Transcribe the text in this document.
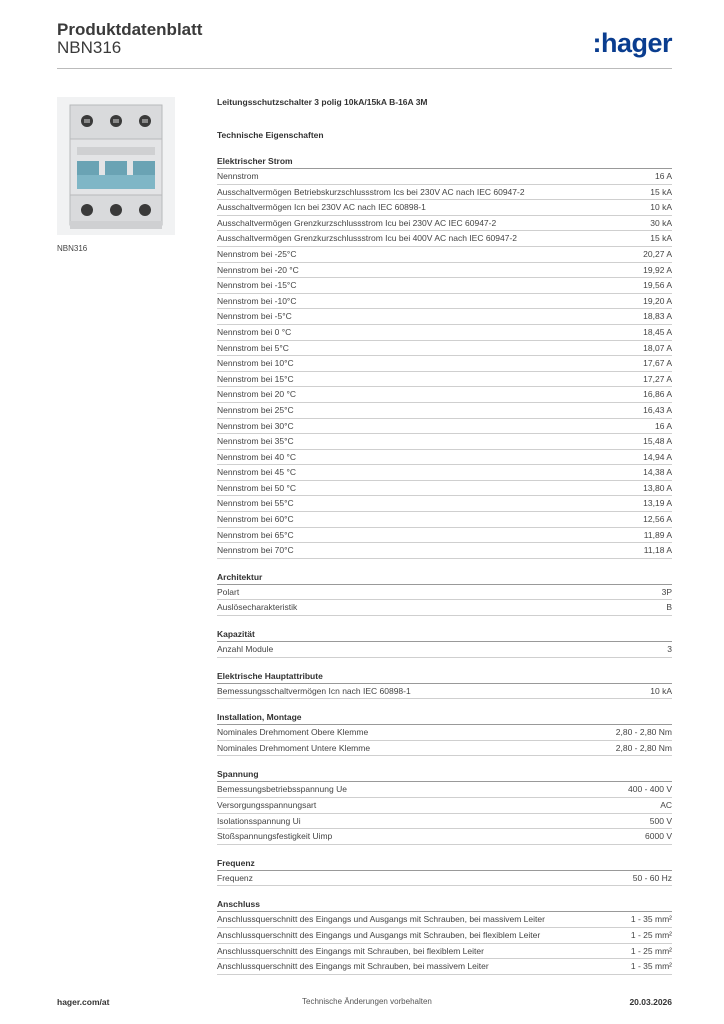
Produktdatenblatt
NBN316	:hager
NBN316
Leitungsschutzschalter 3 polig 10kA/15kA B-16A 3M
Technische Eigenschaften
Elektrischer Strom
Nennstrom	16 A
Ausschaltvermögen Betriebskurzschlussstrom Ics bei 230V AC nach IEC 60947-2	15 kA
Ausschaltvermögen Icn bei 230V AC nach IEC 60898-1	10 kA
Ausschaltvermögen Grenzkurzschlussstrom Icu bei 230V AC IEC 60947-2	30 kA
Ausschaltvermögen Grenzkurzschlussstrom Icu bei 400V AC nach IEC 60947-2	15 kA
Nennstrom bei -25°C	20,27 A
Nennstrom bei -20 °C	19,92 A
Nennstrom bei -15°C	19,56 A
Nennstrom bei -10°C	19,20 A
Nennstrom bei -5°C	18,83 A
Nennstrom bei 0 °C	18,45 A
Nennstrom bei 5°C	18,07 A
Nennstrom bei 10°C	17,67 A
Nennstrom bei 15°C	17,27 A
Nennstrom bei 20 °C	16,86 A
Nennstrom bei 25°C	16,43 A
Nennstrom bei 30°C	16 A
Nennstrom bei 35°C	15,48 A
Nennstrom bei 40 °C	14,94 A
Nennstrom bei 45 °C	14,38 A
Nennstrom bei 50 °C	13,80 A
Nennstrom bei 55°C	13,19 A
Nennstrom bei 60°C	12,56 A
Nennstrom bei 65°C	11,89 A
Nennstrom bei 70°C	11,18 A
Architektur
Polart	3P
Auslösecharakteristik	B
Kapazität
Anzahl Module	3
Elektrische Hauptattribute
Bemessungsschaltvermögen Icn nach IEC 60898-1	10 kA
Installation, Montage
Nominales Drehmoment Obere Klemme	2,80 - 2,80 Nm
Nominales Drehmoment Untere Klemme	2,80 - 2,80 Nm
Spannung
Bemessungsbetriebsspannung Ue	400 - 400 V
Versorgungsspannungsart	AC
Isolationsspannung Ui	500 V
Stoßspannungsfestigkeit Uimp	6000 V
Frequenz
Frequenz	50 - 60 Hz
Anschluss
Anschlussquerschnitt des Eingangs und Ausgangs mit Schrauben, bei massivem Leiter	1 - 35 mm²
Anschlussquerschnitt des Eingangs und Ausgangs mit Schrauben, bei flexiblem Leiter	1 - 25 mm²
Anschlussquerschnitt des Eingangs mit Schrauben, bei flexiblem Leiter	1 - 25 mm²
Anschlussquerschnitt des Eingangs mit Schrauben, bei massivem Leiter	1 - 35 mm²
hager.com/at	Technische Änderungen vorbehalten	20.03.2026
